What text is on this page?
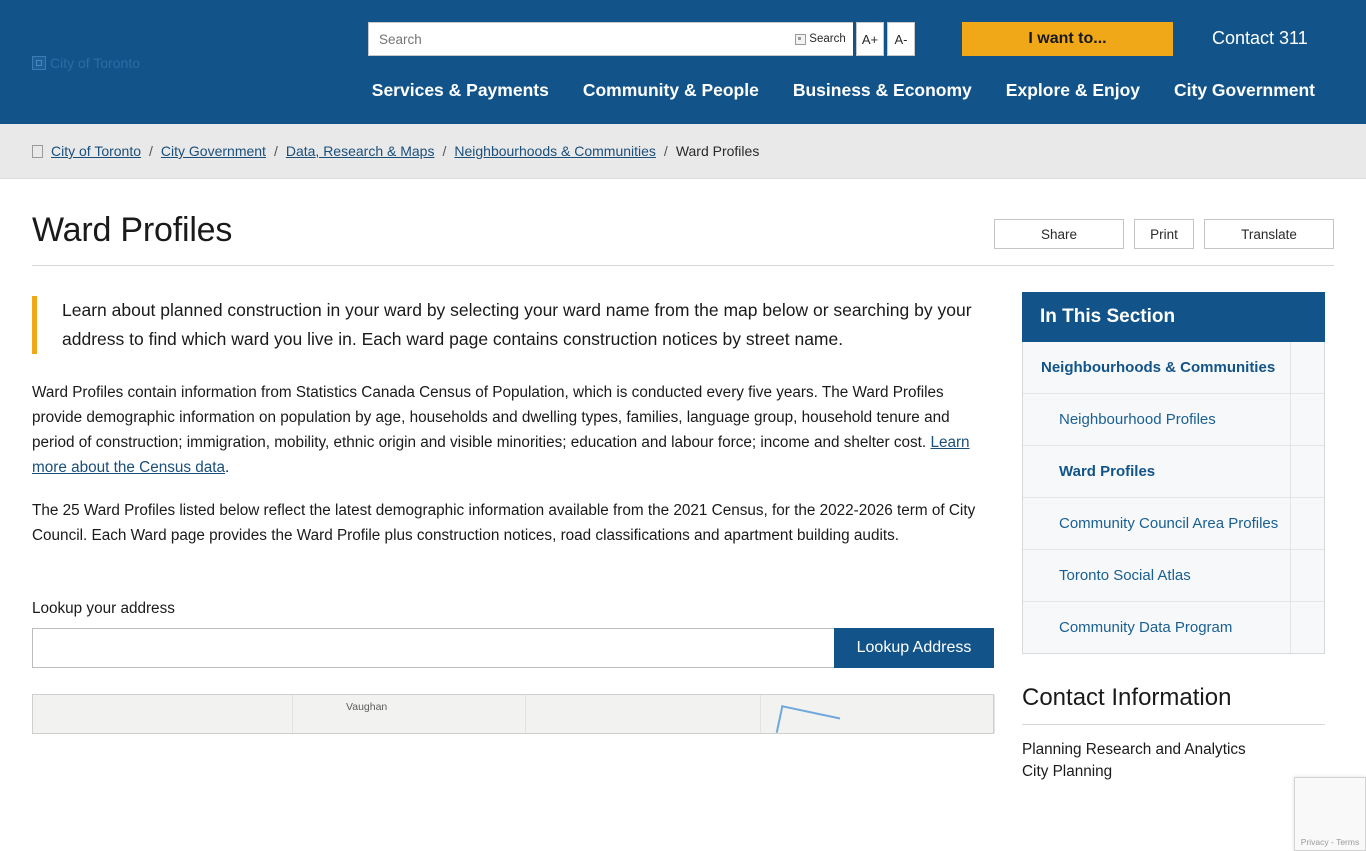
City of Toronto
Search
Search	A+	A-	I want to...	Contact 311
Services & Payments	Community & People	Business & Economy	Explore & Enjoy	City Government
City of Toronto / City Government / Data, Research & Maps / Neighbourhoods & Communities / Ward Profiles
Ward Profiles	Share	Print	Translate

Learn about planned construction in your ward by selecting your ward name from the map below or searching by your address to find which ward you live in. Each ward page contains construction notices by street name.

Ward Profiles contain information from Statistics Canada Census of Population, which is conducted every five years. The Ward Profiles provide demographic information on population by age, households and dwelling types, families, language group, household tenure and period of construction; immigration, mobility, ethnic origin and visible minorities; education and labour force; income and shelter cost. Learn more about the Census data.

The 25 Ward Profiles listed below reflect the latest demographic information available from the 2021 Census, for the 2022-2026 term of City Council. Each Ward page provides the Ward Profile plus construction notices, road classifications and apartment building audits.

Lookup your address
Lookup Address
Vaughan
In This Section
Neighbourhoods & Communities
Neighbourhood Profiles
Ward Profiles
Community Council Area Profiles
Toronto Social Atlas
Community Data Program
Contact Information
Planning Research and Analytics
City Planning
Privacy - Terms
